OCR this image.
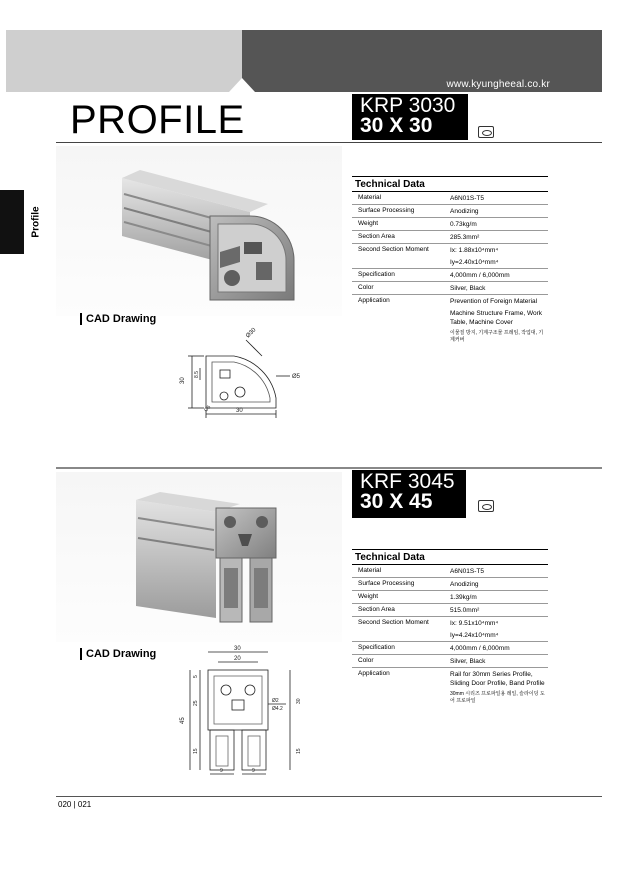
www.kyungheeal.co.kr
PROFILE
Profile
KRP 3030
30 X 30
CAD Drawing
Ø30
30
8.5	Ø5
30
Ø5
Technical Data
Material	A6N01S-T5
Surface Processing	Anodizing
Weight	0.73kg/m
Section Area	285.3mm²
Second Section Moment	Ix: 1.88x10⁴mm⁴
Iy=2.40x10⁴mm⁴
Specification	4,000mm / 6,000mm
Color	Silver, Black
Application	Prevention of Foreign Material
Machine Structure Frame, Work Table, Machine Cover
이물질 방지, 기계구조물 프레임, 작업대, 기계커버
KRF 3045
30 X 45
CAD Drawing	30
20
45
5
25
15
30
15
9	9
Ø2
Ø4.2
Technical Data
Material	A6N01S-T5
Surface Processing	Anodizing
Weight	1.39kg/m
Section Area	515.0mm²
Second Section Moment	Ix: 9.51x10⁴mm⁴
Iy=4.24x10⁴mm⁴
Specification	4,000mm / 6,000mm
Color	Silver, Black
Application	Rail for 30mm Series Profile, Sliding Door Profile, Band Profile
30mm 시리즈 프로파일용 레일, 슬라이딩 도어 프로파일
020 | 021
